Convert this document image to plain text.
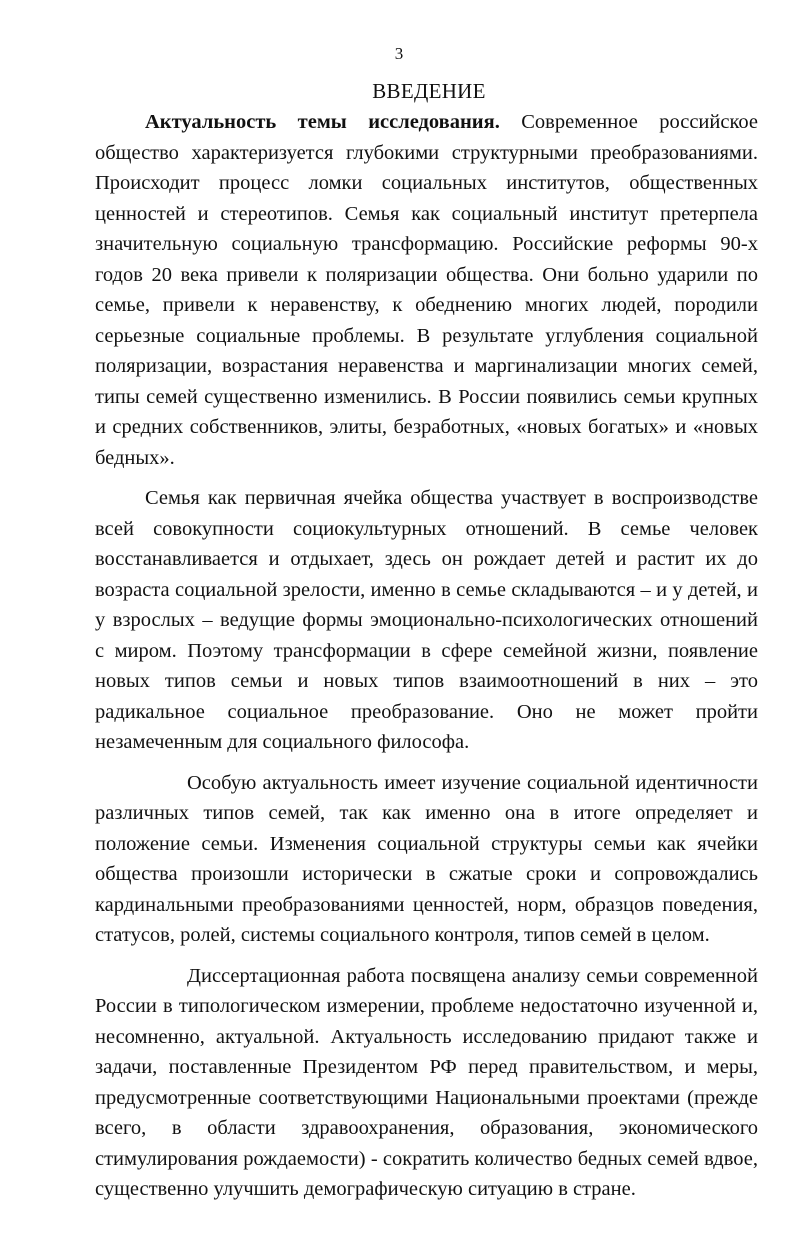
3
ВВЕДЕНИЕ

Актуальность темы исследования. Современное российское общество характеризуется глубокими структурными преобразованиями. Происходит процесс ломки социальных институтов, общественных ценностей и стереотипов. Семья как социальный институт претерпела значительную социальную трансформацию. Российские реформы 90-х годов 20 века привели к поляризации общества. Они больно ударили по семье, привели к неравенству, к обеднению многих людей, породили серьезные социальные проблемы. В результате углубления социальной поляризации, возрастания неравенства и маргинализации многих семей, типы семей существенно изменились. В России появились семьи крупных и средних собственников, элиты, безработных, «новых богатых» и «новых бедных».

Семья как первичная ячейка общества участвует в воспроизводстве всей совокупности социокультурных отношений. В семье человек восстанавливается и отдыхает, здесь он рождает детей и растит их до возраста социальной зрелости, именно в семье складываются – и у детей, и у взрослых – ведущие формы эмоционально-психологических отношений с миром. Поэтому трансформации в сфере семейной жизни, появление новых типов семьи и новых типов взаимоотношений в них – это радикальное социальное преобразование. Оно не может пройти незамеченным для социального философа.

Особую актуальность имеет изучение социальной идентичности различных типов семей, так как именно она в итоге определяет и положение семьи. Изменения социальной структуры семьи как ячейки общества произошли исторически в сжатые сроки и сопровождались кардинальными преобразованиями ценностей, норм, образцов поведения, статусов, ролей, системы социального контроля, типов семей в целом.

Диссертационная работа посвящена анализу семьи современной России в типологическом измерении, проблеме недостаточно изученной и, несомненно, актуальной. Актуальность исследованию придают также и задачи, поставленные Президентом РФ перед правительством, и меры, предусмотренные соответствующими Национальными проектами (прежде всего, в области здравоохранения, образования, экономического стимулирования рождаемости) - сократить количество бедных семей вдвое, существенно улучшить демографическую ситуацию в стране.
